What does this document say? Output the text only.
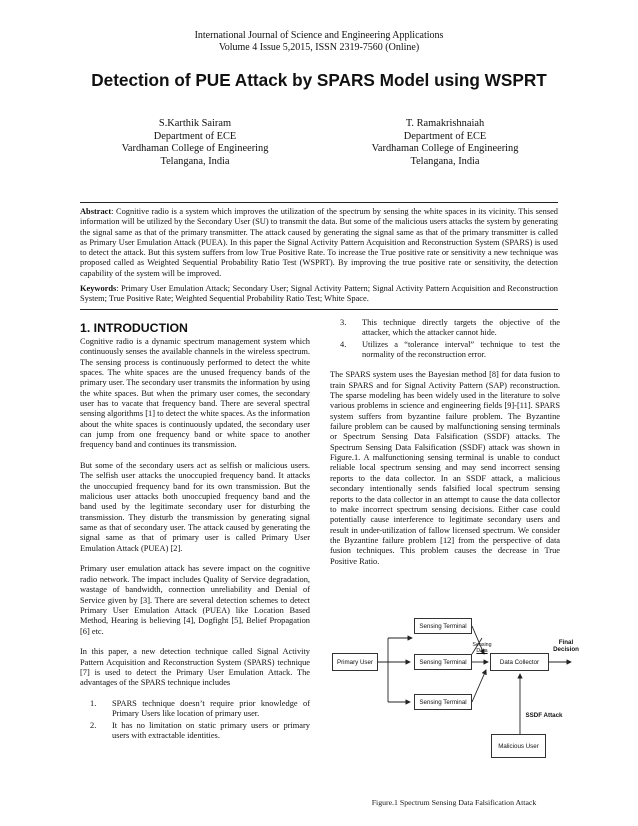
International Journal of Science and Engineering Applications
Volume 4 Issue 5,2015, ISSN 2319-7560 (Online)
Detection of PUE Attack by SPARS Model using WSPRT
S.Karthik Sairam
Department of ECE
Vardhaman College of Engineering
Telangana, India
T. Ramakrishnaiah
Department of ECE
Vardhaman College of Engineering
Telangana, India
Abstract: Cognitive radio is a system which improves the utilization of the spectrum by sensing the white spaces in its vicinity. This sensed information will be utilized by the Secondary User (SU) to transmit the data. But some of the malicious users attacks the system by generating the signal same as that of the primary transmitter. The attack caused by generating the signal same as that of the primary transmitter is called as Primary User Emulation Attack (PUEA). In this paper the Signal Activity Pattern Acquisition and Reconstruction System (SPARS) is used to detect the attack. But this system suffers from low True Positive Rate. To increase the True positive rate or sensitivity a new technique was proposed called as Weighted Sequential Probability Ratio Test (WSPRT). By improving the true positive rate or sensitivity, the detection capability of the system will be improved.
Keywords: Primary User Emulation Attack; Secondary User; Signal Activity Pattern; Signal Activity Pattern Acquisition and Reconstruction System; True Positive Rate; Weighted Sequential Probability Ratio Test; White Space.
1. INTRODUCTION

Cognitive radio is a dynamic spectrum management system which continuously senses the available channels in the wireless spectrum. The sensing process is continuously performed to detect the white spaces. The white spaces are the unused frequency bands of the primary user. The secondary user transmits the information by using the white spaces. But when the primary user comes, the secondary user has to vacate that frequency band. There are several spectral sensing algorithms [1] to detect the white spaces. As the information about the white spaces is continuously updated, the secondary user can jump from one frequency band or white space to another frequency band and continues its transmission.

But some of the secondary users act as selfish or malicious users. The selfish user attacks the unoccupied frequency band. It attacks the unoccupied frequency band for its own transmission. But the malicious user attacks both unoccupied frequency band and the band used by the legitimate secondary user for disturbing the transmission. They disturb the transmission by generating signal same as that of secondary user. The attack caused by generating the signal same as that of primary user is called Primary User Emulation Attack (PUEA) [2].

Primary user emulation attack has severe impact on the cognitive radio network. The impact includes Quality of Service degradation, wastage of bandwidth, connection unreliability and Denial of Service given by [3]. There are several detection schemes to detect Primary User Emulation Attack (PUEA) like Location Based Method, Hearing is believing [4], Dogfight [5], Belief Propagation [6] etc.

In this paper, a new detection technique called Signal Activity Pattern Acquisition and Reconstruction System (SPARS) technique [7] is used to detect the Primary User Emulation Attack. The advantages of the SPARS technique includes

1. SPARS technique doesn’t require prior knowledge of Primary Users like location of primary user.
2. It has no limitation on static primary users or primary users with extractable identities.
3. This technique directly targets the objective of the attacker, which the attacker cannot hide.
4. Utilizes a “tolerance interval” technique to test the normality of the reconstruction error.

The SPARS system uses the Bayesian method [8] for data fusion to train SPARS and for Signal Activity Pattern (SAP) reconstruction. The sparse modeling has been widely used in the literature to solve various problems in science and engineering fields [9]-[11]. SPARS system suffers from byzantine failure problem. The Byzantine failure problem can be caused by malfunctioning sensing terminals or Spectrum Sensing Data Falsification (SSDF) attacks. The Spectrum Sensing Data Falsification (SSDF) attack was shown in Figure.1. A malfunctioning sensing terminal is unable to conduct reliable local spectrum sensing and may send incorrect sensing reports to the data collector. In an SSDF attack, a malicious secondary intentionally sends falsified local spectrum sensing reports to the data collector in an attempt to cause the data collector to make incorrect spectrum sensing decisions. Either case could potentially cause interference to legitimate secondary users and result in under-utilization of fallow licensed spectrum. We consider the Byzantine failure problem [12] from the perspective of data fusion techniques. This problem causes the decrease in True Positive Ratio.

Primary User
Sensing Terminal
Sensing Terminal
Sensing Terminal
Data Collector
Malicious User
Sensing
Data
Final
Decision
SSDF Attack
Figure.1 Spectrum Sensing Data Falsification Attack
